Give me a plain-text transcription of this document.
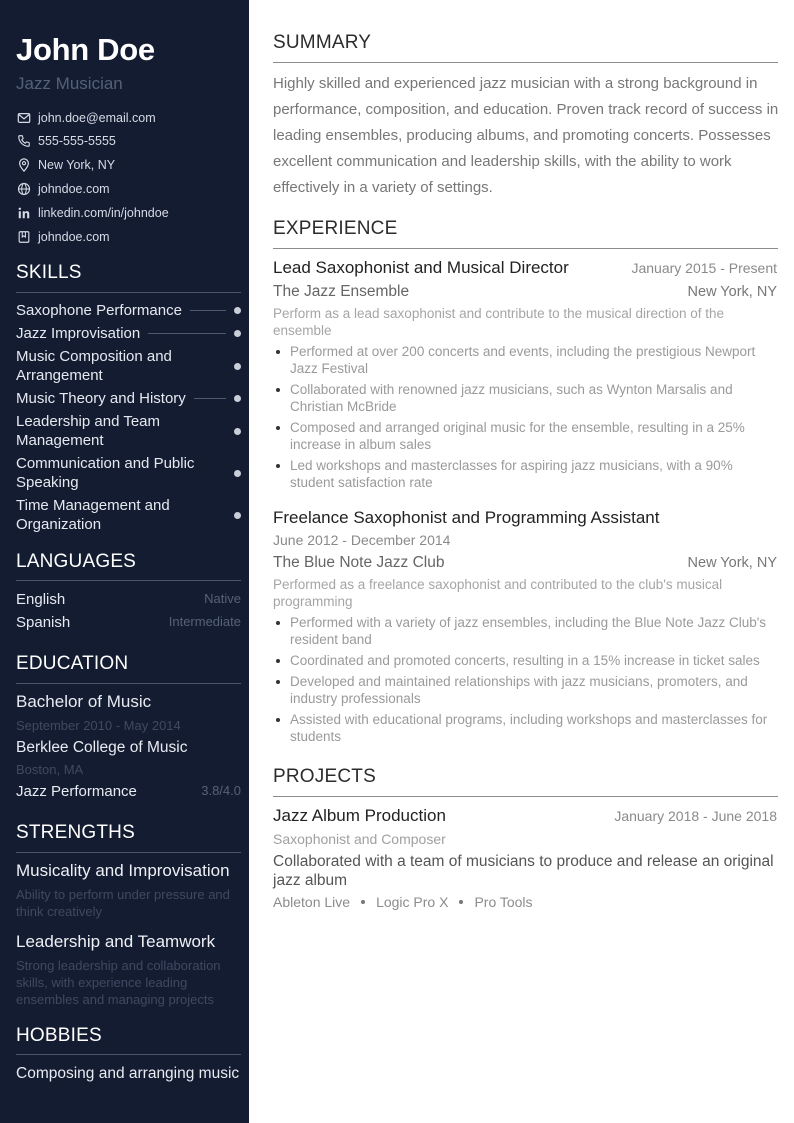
John Doe
Jazz Musician
john.doe@email.com
555-555-5555
New York, NY
johndoe.com
linkedin.com/in/johndoe
johndoe.com
SKILLS
Saxophone Performance
Jazz Improvisation
Music Composition and Arrangement
Music Theory and History
Leadership and Team Management
Communication and Public Speaking
Time Management and Organization
LANGUAGES
English	Native
Spanish	Intermediate
EDUCATION
Bachelor of Music
September 2010 - May 2014
Berklee College of Music
Boston, MA
Jazz Performance	3.8/4.0
STRENGTHS
Musicality and Improvisation
Ability to perform under pressure and think creatively
Leadership and Teamwork
Strong leadership and collaboration skills, with experience leading ensembles and managing projects
HOBBIES
Composing and arranging music
SUMMARY
Highly skilled and experienced jazz musician with a strong background in performance, composition, and education. Proven track record of success in leading ensembles, producing albums, and promoting concerts. Possesses excellent communication and leadership skills, with the ability to work effectively in a variety of settings.
EXPERIENCE
Lead Saxophonist and Musical Director	January 2015 - Present
The Jazz Ensemble	New York, NY
Perform as a lead saxophonist and contribute to the musical direction of the ensemble
Performed at over 200 concerts and events, including the prestigious Newport Jazz Festival
Collaborated with renowned jazz musicians, such as Wynton Marsalis and Christian McBride
Composed and arranged original music for the ensemble, resulting in a 25% increase in album sales
Led workshops and masterclasses for aspiring jazz musicians, with a 90% student satisfaction rate
Freelance Saxophonist and Programming Assistant
June 2012 - December 2014
The Blue Note Jazz Club	New York, NY
Performed as a freelance saxophonist and contributed to the club's musical programming
Performed with a variety of jazz ensembles, including the Blue Note Jazz Club's resident band
Coordinated and promoted concerts, resulting in a 15% increase in ticket sales
Developed and maintained relationships with jazz musicians, promoters, and industry professionals
Assisted with educational programs, including workshops and masterclasses for students
PROJECTS
Jazz Album Production	January 2018 - June 2018
Saxophonist and Composer
Collaborated with a team of musicians to produce and release an original jazz album
Ableton Live Logic Pro X Pro Tools
